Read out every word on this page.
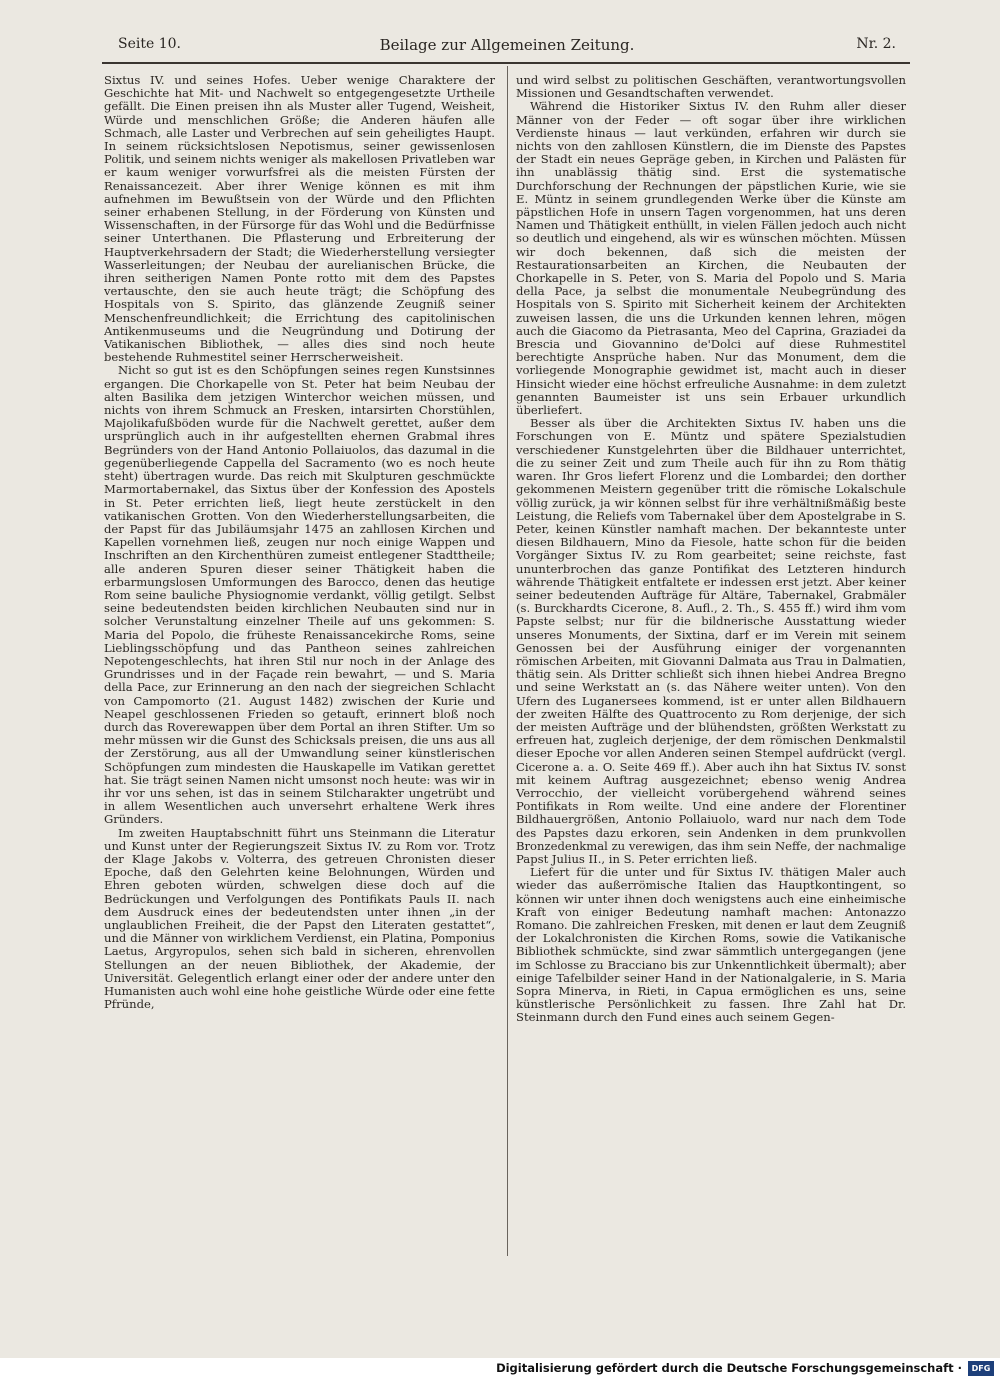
Seite 10.	Beilage zur Allgemeinen Zeitung.	Nr. 2.

Sixtus IV. und seines Hofes. Ueber wenige Charaktere der Geschichte hat Mit- und Nachwelt so entgegengesetzte Urtheile gefällt. Die Einen preisen ihn als Muster aller Tugend, Weisheit, Würde und menschlichen Größe; die Anderen häufen alle Schmach, alle Laster und Verbrechen auf sein geheiligtes Haupt. In seinem rücksichtslosen Nepotismus, seiner gewissenlosen Politik, und seinem nichts weniger als makellosen Privatleben war er kaum weniger vorwurfsfrei als die meisten Fürsten der Renaissancezeit. Aber ihrer Wenige können es mit ihm aufnehmen im Bewußtsein von der Würde und den Pflichten seiner erhabenen Stellung, in der Förderung von Künsten und Wissenschaften, in der Fürsorge für das Wohl und die Bedürfnisse seiner Unterthanen. Die Pflasterung und Erbreiterung der Hauptverkehrsadern der Stadt; die Wiederherstellung versiegter Wasserleitungen; der Neubau der aurelianischen Brücke, die ihren seitherigen Namen Ponte rotto mit dem des Papstes vertauschte, den sie auch heute trägt; die Schöpfung des Hospitals von S. Spirito, das glänzende Zeugniß seiner Menschenfreundlichkeit; die Errichtung des capitolinischen Antikenmuseums und die Neugründung und Dotirung der Vatikanischen Bibliothek, — alles dies sind noch heute bestehende Ruhmestitel seiner Herrscherweisheit.

Nicht so gut ist es den Schöpfungen seines regen Kunstsinnes ergangen. Die Chorkapelle von St. Peter hat beim Neubau der alten Basilika dem jetzigen Winterchor weichen müssen, und nichts von ihrem Schmuck an Fresken, intarsirten Chorstühlen, Majolikafußböden wurde für die Nachwelt gerettet, außer dem ursprünglich auch in ihr aufgestellten ehernen Grabmal ihres Begründers von der Hand Antonio Pollaiuolos, das dazumal in die gegenüberliegende Cappella del Sacramento (wo es noch heute steht) übertragen wurde. Das reich mit Skulpturen geschmückte Marmortabernakel, das Sixtus über der Konfession des Apostels in St. Peter errichten ließ, liegt heute zerstückelt in den vatikanischen Grotten. Von den Wiederherstellungsarbeiten, die der Papst für das Jubiläumsjahr 1475 an zahllosen Kirchen und Kapellen vornehmen ließ, zeugen nur noch einige Wappen und Inschriften an den Kirchenthüren zumeist entlegener Stadttheile; alle anderen Spuren dieser seiner Thätigkeit haben die erbarmungslosen Umformungen des Barocco, denen das heutige Rom seine bauliche Physiognomie verdankt, völlig getilgt. Selbst seine bedeutendsten beiden kirchlichen Neubauten sind nur in solcher Verunstaltung einzelner Theile auf uns gekommen: S. Maria del Popolo, die früheste Renaissancekirche Roms, seine Lieblingsschöpfung und das Pantheon seines zahlreichen Nepotengeschlechts, hat ihren Stil nur noch in der Anlage des Grundrisses und in der Façade rein bewahrt, — und S. Maria della Pace, zur Erinnerung an den nach der siegreichen Schlacht von Campomorto (21. August 1482) zwischen der Kurie und Neapel geschlossenen Frieden so getauft, erinnert bloß noch durch das Roverewappen über dem Portal an ihren Stifter. Um so mehr müssen wir die Gunst des Schicksals preisen, die uns aus all der Zerstörung, aus all der Umwandlung seiner künstlerischen Schöpfungen zum mindesten die Hauskapelle im Vatikan gerettet hat. Sie trägt seinen Namen nicht umsonst noch heute: was wir in ihr vor uns sehen, ist das in seinem Stilcharakter ungetrübt und in allem Wesentlichen auch unversehrt erhaltene Werk ihres Gründers.

Im zweiten Hauptabschnitt führt uns Steinmann die Literatur und Kunst unter der Regierungszeit Sixtus IV. zu Rom vor. Trotz der Klage Jakobs v. Volterra, des getreuen Chronisten dieser Epoche, daß den Gelehrten keine Belohnungen, Würden und Ehren geboten würden, schwelgen diese doch auf die Bedrückungen und Verfolgungen des Pontifikats Pauls II. nach dem Ausdruck eines der bedeutendsten unter ihnen „in der unglaublichen Freiheit, die der Papst den Literaten gestattet“, und die Männer von wirklichem Verdienst, ein Platina, Pomponius Laetus, Argyropulos, sehen sich bald in sicheren, ehrenvollen Stellungen an der neuen Bibliothek, der Akademie, der Universität. Gelegentlich erlangt einer oder der andere unter den Humanisten auch wohl eine hohe geistliche Würde oder eine fette Pfründe,

und wird selbst zu politischen Geschäften, verantwortungsvollen Missionen und Gesandtschaften verwendet.

Während die Historiker Sixtus IV. den Ruhm aller dieser Männer von der Feder — oft sogar über ihre wirklichen Verdienste hinaus — laut verkünden, erfahren wir durch sie nichts von den zahllosen Künstlern, die im Dienste des Papstes der Stadt ein neues Gepräge geben, in Kirchen und Palästen für ihn unablässig thätig sind. Erst die systematische Durchforschung der Rechnungen der päpstlichen Kurie, wie sie E. Müntz in seinem grundlegenden Werke über die Künste am päpstlichen Hofe in unsern Tagen vorgenommen, hat uns deren Namen und Thätigkeit enthüllt, in vielen Fällen jedoch auch nicht so deutlich und eingehend, als wir es wünschen möchten. Müssen wir doch bekennen, daß sich die meisten der Restaurationsarbeiten an Kirchen, die Neubauten der Chorkapelle in S. Peter, von S. Maria del Popolo und S. Maria della Pace, ja selbst die monumentale Neubegründung des Hospitals von S. Spirito mit Sicherheit keinem der Architekten zuweisen lassen, die uns die Urkunden kennen lehren, mögen auch die Giacomo da Pietrasanta, Meo del Caprina, Graziadei da Brescia und Giovannino de'Dolci auf diese Ruhmestitel berechtigte Ansprüche haben. Nur das Monument, dem die vorliegende Monographie gewidmet ist, macht auch in dieser Hinsicht wieder eine höchst erfreuliche Ausnahme: in dem zuletzt genannten Baumeister ist uns sein Erbauer urkundlich überliefert.

Besser als über die Architekten Sixtus IV. haben uns die Forschungen von E. Müntz und spätere Spezialstudien verschiedener Kunstgelehrten über die Bildhauer unterrichtet, die zu seiner Zeit und zum Theile auch für ihn zu Rom thätig waren. Ihr Gros liefert Florenz und die Lombardei; den dorther gekommenen Meistern gegenüber tritt die römische Lokalschule völlig zurück, ja wir können selbst für ihre verhältnißmäßig beste Leistung, die Reliefs vom Tabernakel über dem Apostelgrabe in S. Peter, keinen Künstler namhaft machen. Der bekannteste unter diesen Bildhauern, Mino da Fiesole, hatte schon für die beiden Vorgänger Sixtus IV. zu Rom gearbeitet; seine reichste, fast ununterbrochen das ganze Pontifikat des Letzteren hindurch währende Thätigkeit entfaltete er indessen erst jetzt. Aber keiner seiner bedeutenden Aufträge für Altäre, Tabernakel, Grabmäler (s. Burckhardts Cicerone, 8. Aufl., 2. Th., S. 455 ff.) wird ihm vom Papste selbst; nur für die bildnerische Ausstattung wieder unseres Monuments, der Sixtina, darf er im Verein mit seinem Genossen bei der Ausführung einiger der vorgenannten römischen Arbeiten, mit Giovanni Dalmata aus Trau in Dalmatien, thätig sein. Als Dritter schließt sich ihnen hiebei Andrea Bregno und seine Werkstatt an (s. das Nähere weiter unten). Von den Ufern des Luganersees kommend, ist er unter allen Bildhauern der zweiten Hälfte des Quattrocento zu Rom derjenige, der sich der meisten Aufträge und der blühendsten, größten Werkstatt zu erfreuen hat, zugleich derjenige, der dem römischen Denkmalstil dieser Epoche vor allen Anderen seinen Stempel aufdrückt (vergl. Cicerone a. a. O. Seite 469 ff.). Aber auch ihn hat Sixtus IV. sonst mit keinem Auftrag ausgezeichnet; ebenso wenig Andrea Verrocchio, der vielleicht vorübergehend während seines Pontifikats in Rom weilte. Und eine andere der Florentiner Bildhauergrößen, Antonio Pollaiuolo, ward nur nach dem Tode des Papstes dazu erkoren, sein Andenken in dem prunkvollen Bronzedenkmal zu verewigen, das ihm sein Neffe, der nachmalige Papst Julius II., in S. Peter errichten ließ.

Liefert für die unter und für Sixtus IV. thätigen Maler auch wieder das außerrömische Italien das Hauptkontingent, so können wir unter ihnen doch wenigstens auch eine einheimische Kraft von einiger Bedeutung namhaft machen: Antonazzo Romano. Die zahlreichen Fresken, mit denen er laut dem Zeugniß der Lokalchronisten die Kirchen Roms, sowie die Vatikanische Bibliothek schmückte, sind zwar sämmtlich untergegangen (jene im Schlosse zu Bracciano bis zur Unkenntlichkeit übermalt); aber einige Tafelbilder seiner Hand in der Nationalgalerie, in S. Maria Sopra Minerva, in Rieti, in Capua ermöglichen es uns, seine künstlerische Persönlichkeit zu fassen. Ihre Zahl hat Dr. Steinmann durch den Fund eines auch seinem Gegen-

Digitalisierung gefördert durch die Deutsche Forschungsgemeinschaft ·	DFG
